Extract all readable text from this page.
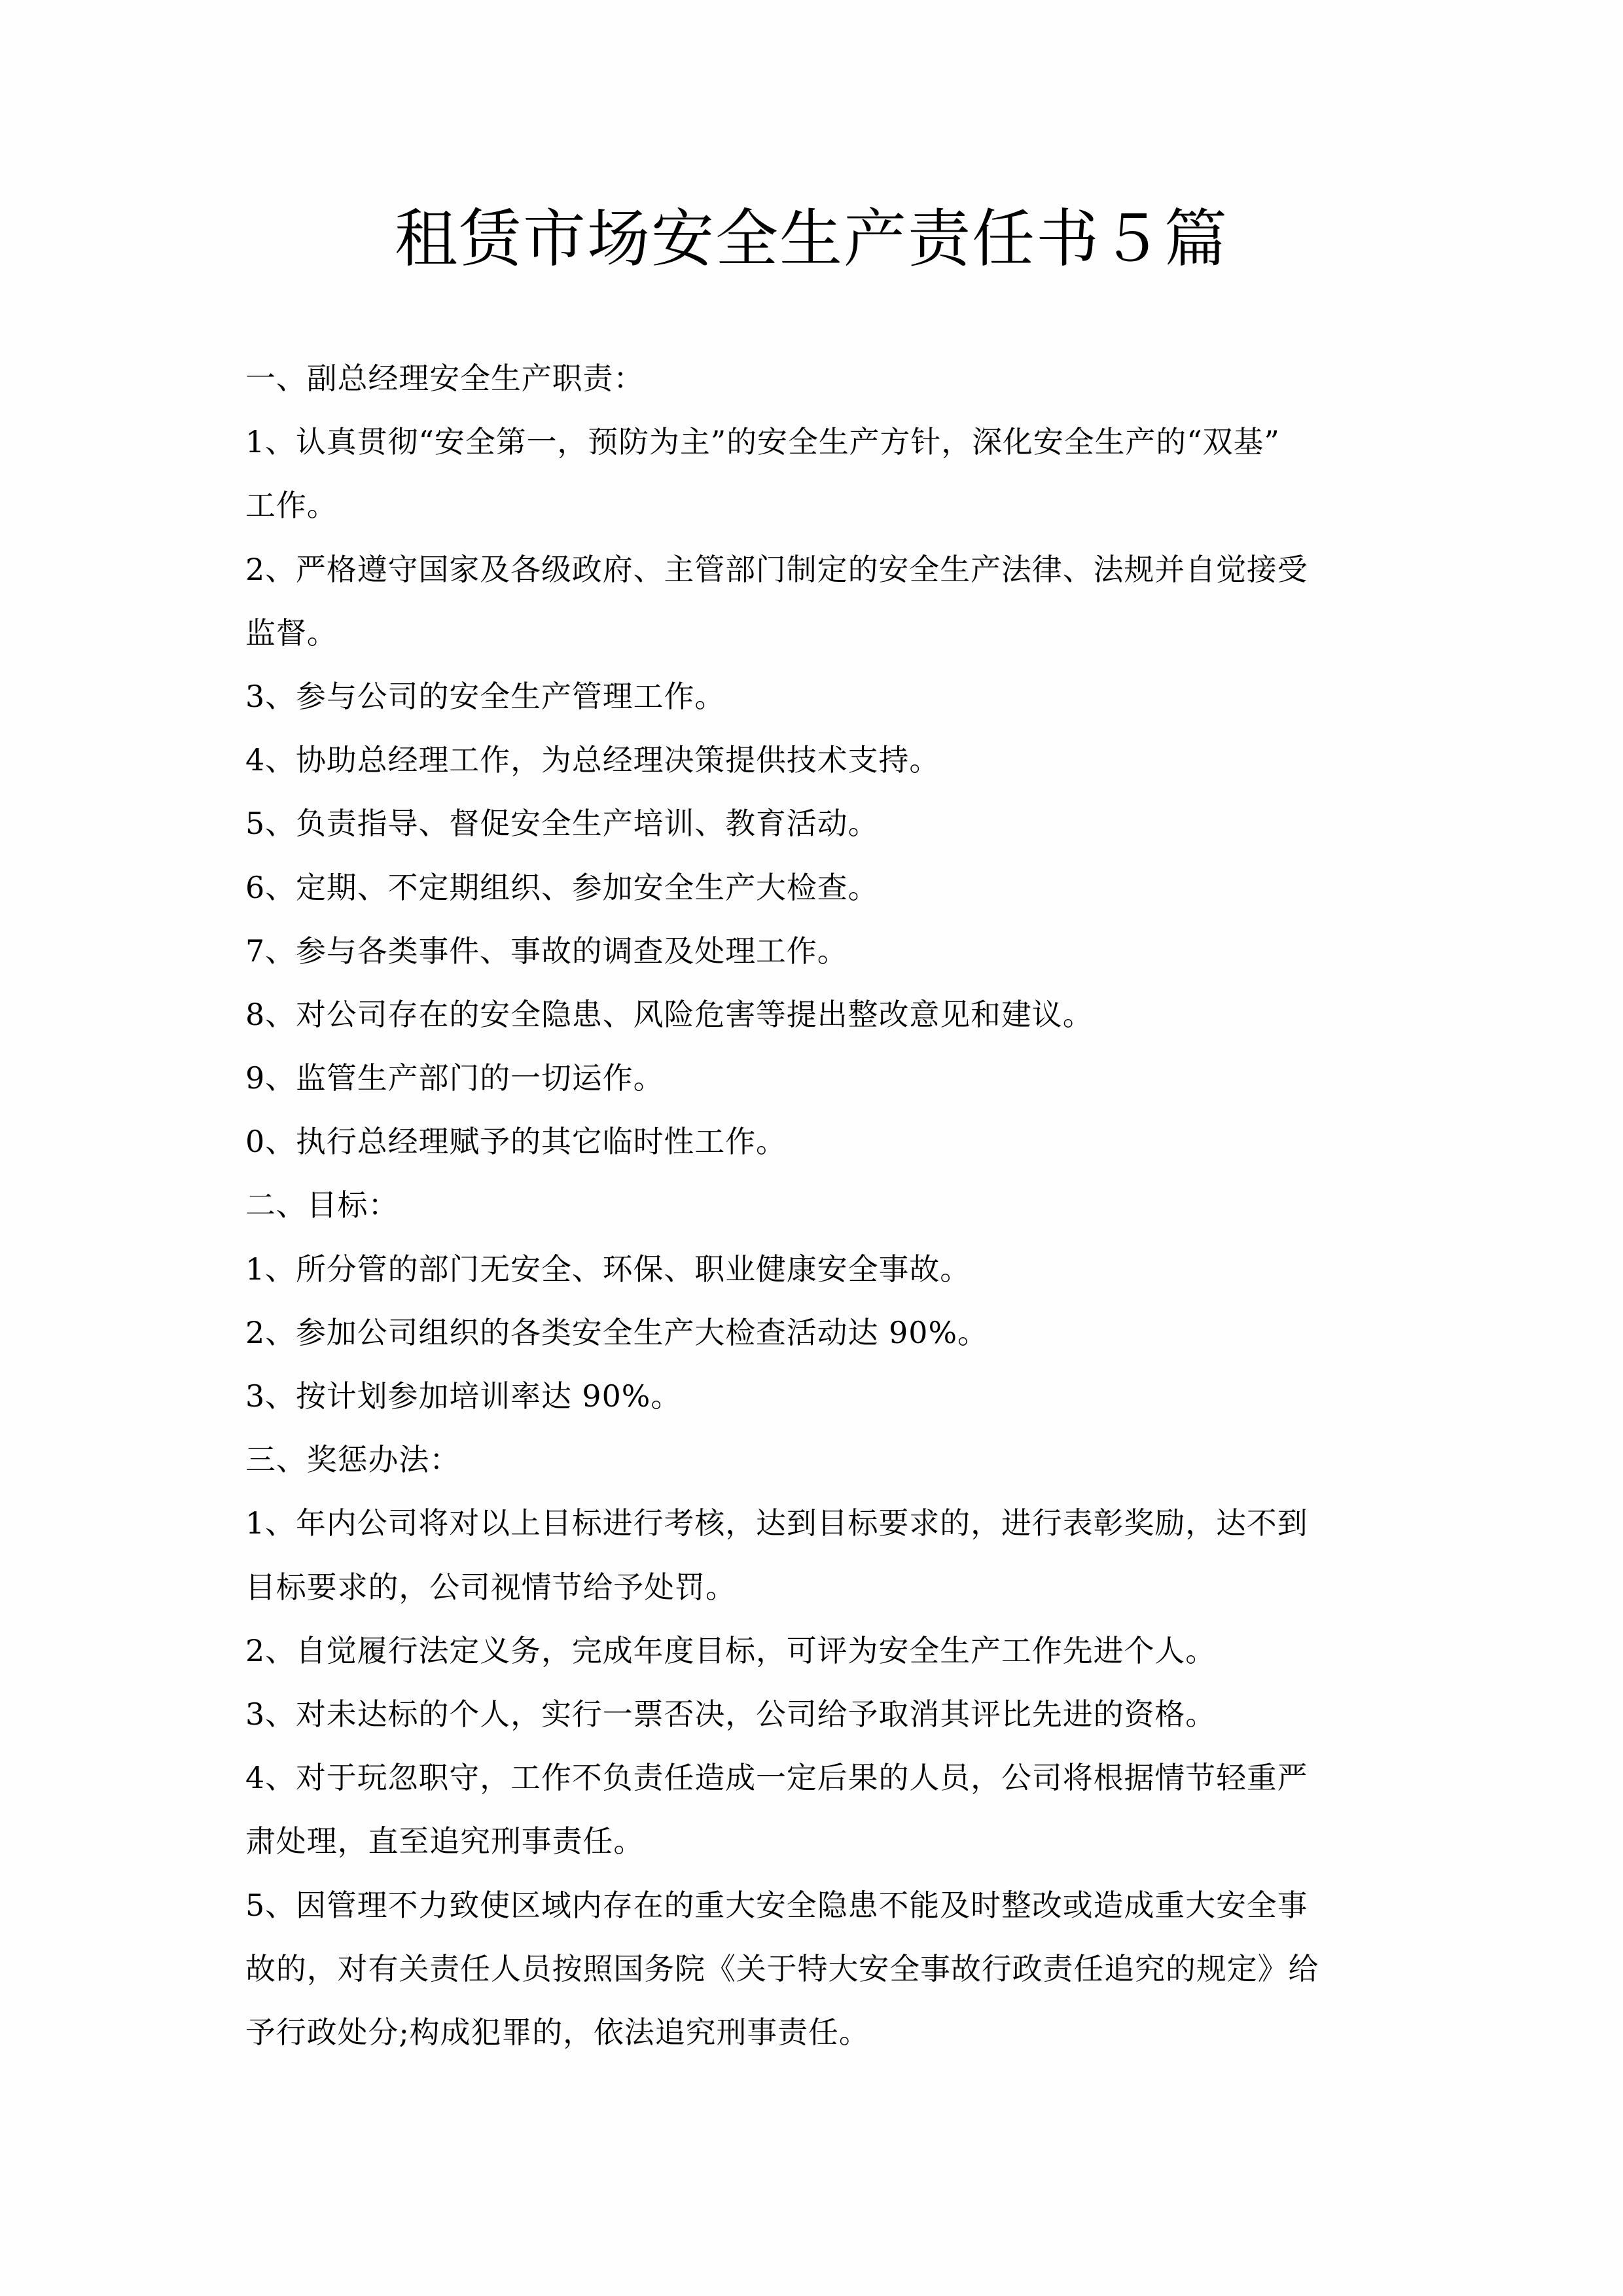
租赁市场安全生产责任书５篇
一、副总经理安全生产职责：
1、认真贯彻“安全第一，预防为主”的安全生产方针，深化安全生产的“双基”
工作。
2、严格遵守国家及各级政府、主管部门制定的安全生产法律、法规并自觉接受
监督。
3、参与公司的安全生产管理工作。
4、协助总经理工作，为总经理决策提供技术支持。
5、负责指导、督促安全生产培训、教育活动。
6、定期、不定期组织、参加安全生产大检查。
7、参与各类事件、事故的调查及处理工作。
8、对公司存在的安全隐患、风险危害等提出整改意见和建议。
9、监管生产部门的一切运作。
0、执行总经理赋予的其它临时性工作。
二、目标：
1、所分管的部门无安全、环保、职业健康安全事故。
2、参加公司组织的各类安全生产大检查活动达 90%。
3、按计划参加培训率达 90%。
三、奖惩办法：
1、年内公司将对以上目标进行考核，达到目标要求的，进行表彰奖励，达不到
目标要求的，公司视情节给予处罚。
2、自觉履行法定义务，完成年度目标，可评为安全生产工作先进个人。
3、对未达标的个人，实行一票否决，公司给予取消其评比先进的资格。
4、对于玩忽职守，工作不负责任造成一定后果的人员，公司将根据情节轻重严
肃处理，直至追究刑事责任。
5、因管理不力致使区域内存在的重大安全隐患不能及时整改或造成重大安全事
故的，对有关责任人员按照国务院《关于特大安全事故行政责任追究的规定》给
予行政处分;构成犯罪的，依法追究刑事责任。
